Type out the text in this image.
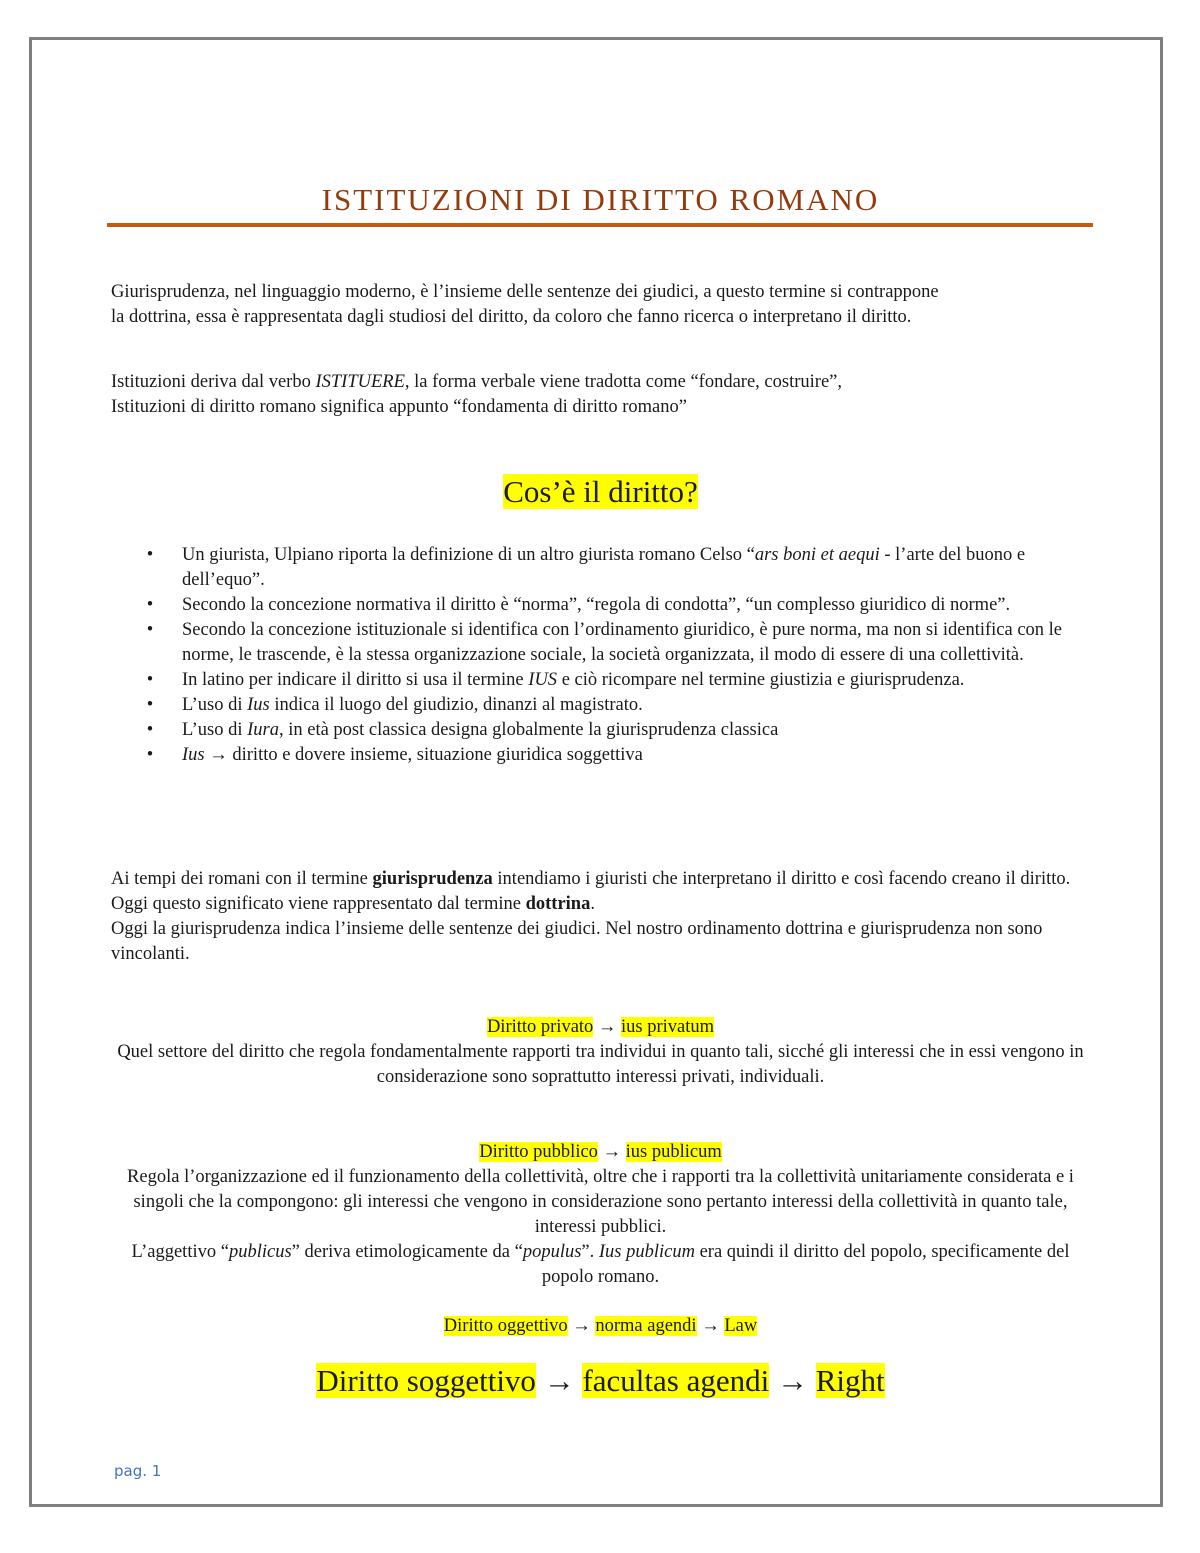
ISTITUZIONI DI DIRITTO ROMANO

Giurisprudenza, nel linguaggio moderno, è l’insieme delle sentenze dei giudici, a questo termine si contrappone

la dottrina, essa è rappresentata dagli studiosi del diritto, da coloro che fanno ricerca o interpretano il diritto.

Istituzioni deriva dal verbo ISTITUERE, la forma verbale viene tradotta come “fondare, costruire”,

Istituzioni di diritto romano significa appunto “fondamenta di diritto romano”

Cos’è il diritto?
•	Un giurista, Ulpiano riporta la definizione di un altro giurista romano Celso “ars boni et aequi - l’arte del buono e dell’equo”.
•	Secondo la concezione normativa il diritto è “norma”, “regola di condotta”, “un complesso giuridico di norme”.
•	Secondo la concezione istituzionale si identifica con l’ordinamento giuridico, è pure norma, ma non si identifica con le norme, le trascende, è la stessa organizzazione sociale, la società organizzata, il modo di essere di una collettività.
•	In latino per indicare il diritto si usa il termine IUS e ciò ricompare nel termine giustizia e giurisprudenza.
•	L’uso di Ius indica il luogo del giudizio, dinanzi al magistrato.
•	L’uso di Iura, in età post classica designa globalmente la giurisprudenza classica
•	Ius → diritto e dovere insieme, situazione giuridica soggettiva

Ai tempi dei romani con il termine giurisprudenza intendiamo i giuristi che interpretano il diritto e così facendo creano il diritto. Oggi questo significato viene rappresentato dal termine dottrina.

Oggi la giurisprudenza indica l’insieme delle sentenze dei giudici. Nel nostro ordinamento dottrina e giurisprudenza non sono vincolanti.

Diritto privato → ius privatum

Quel settore del diritto che regola fondamentalmente rapporti tra individui in quanto tali, sicché gli interessi che in essi vengono in considerazione sono soprattutto interessi privati, individuali.

Diritto pubblico → ius publicum

Regola l’organizzazione ed il funzionamento della collettività, oltre che i rapporti tra la collettività unitariamente considerata e i singoli che la compongono: gli interessi che vengono in considerazione sono pertanto interessi della collettività in quanto tale, interessi pubblici.

L’aggettivo “publicus” deriva etimologicamente da “populus”. Ius publicum era quindi il diritto del popolo, specificamente del popolo romano.

Diritto oggettivo → norma agendi → Law

Diritto soggettivo → facultas agendi → Right
pag. 1
